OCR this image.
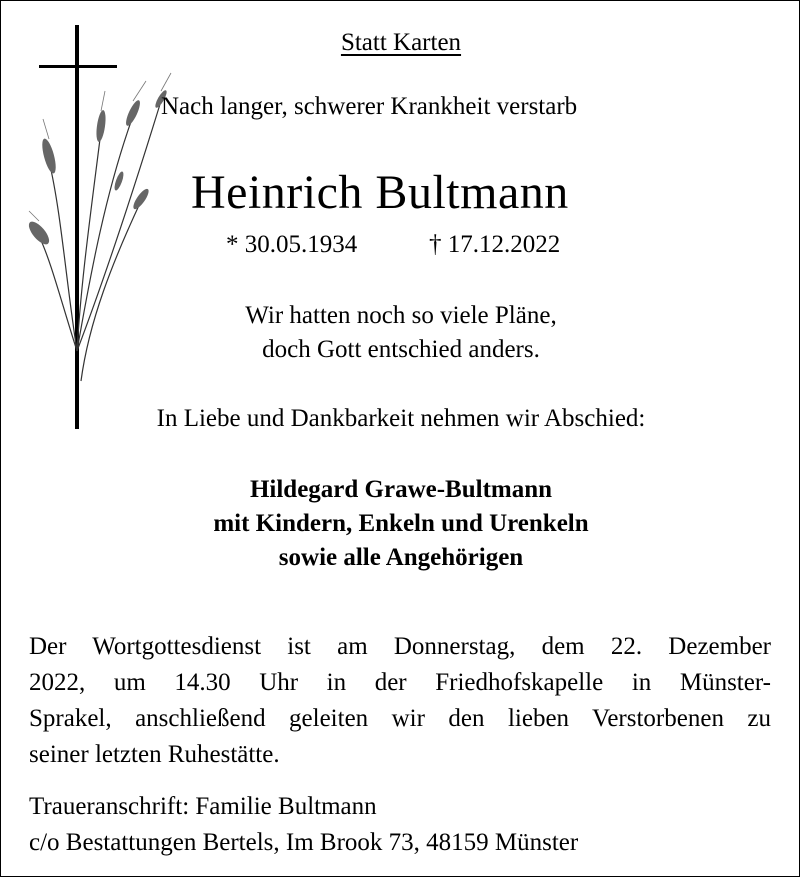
Statt Karten
Nach langer, schwerer Krankheit verstarb
Heinrich Bultmann
* 30.05.1934	† 17.12.2022
Wir hatten noch so viele Pläne,
doch Gott entschied anders.
In Liebe und Dankbarkeit nehmen wir Abschied:
Hildegard Grawe-Bultmann
mit Kindern, Enkeln und Urenkeln
sowie alle Angehörigen
Der Wortgottesdienst ist am Donnerstag, dem 22. Dezember
2022, um 14.30 Uhr in der Friedhofskapelle in Münster-
Sprakel, anschließend geleiten wir den lieben Verstorbenen zu
seiner letzten Ruhestätte.
Traueranschrift: Familie Bultmann
c/o Bestattungen Bertels, Im Brook 73, 48159 Münster
